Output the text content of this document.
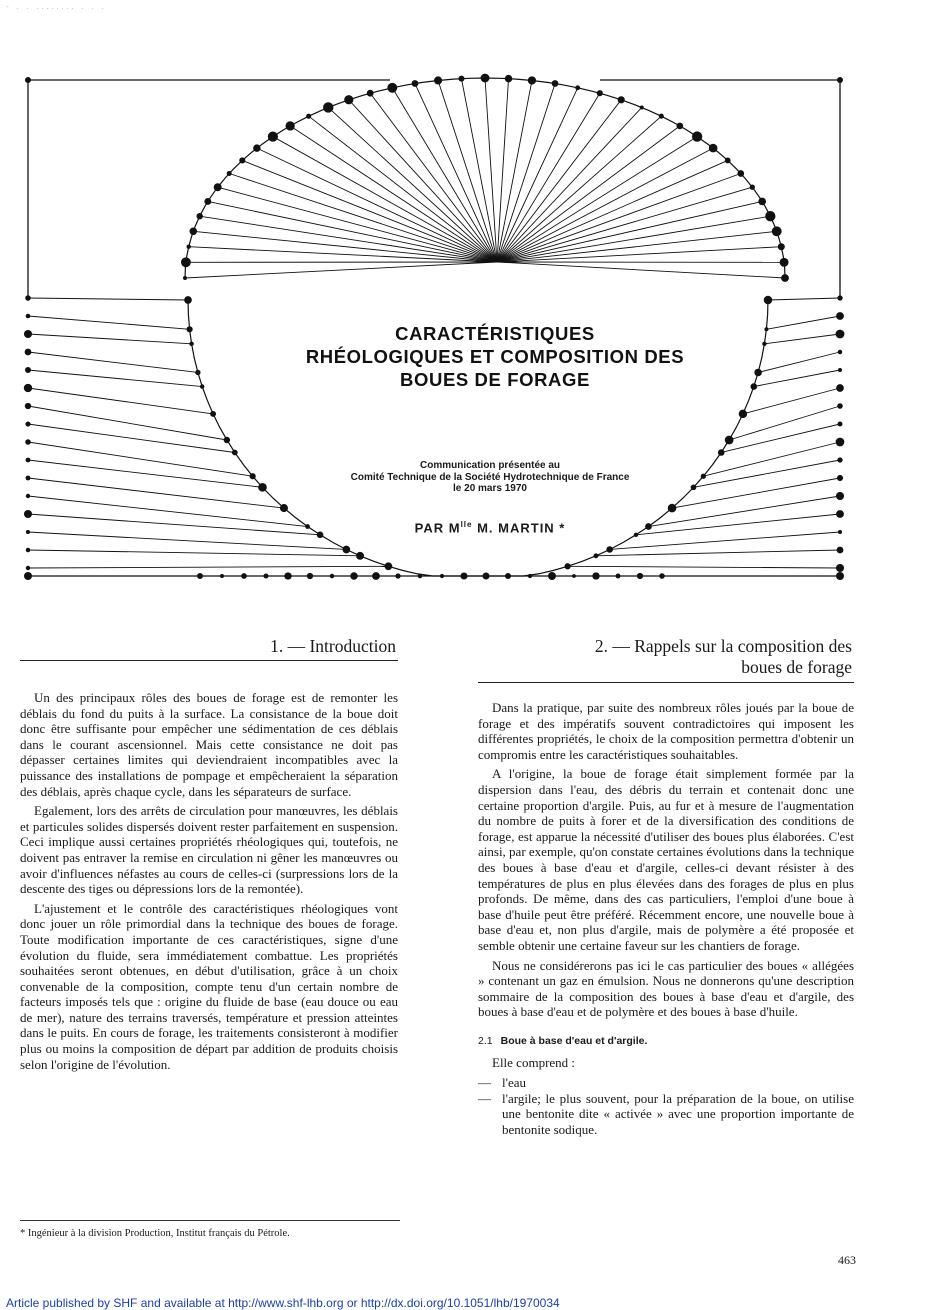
- . . ........ . . .
CARACTÉRISTIQUES
RHÉOLOGIQUES ET COMPOSITION DES
BOUES DE FORAGE
Communication présentée au
Comité Technique de la Société Hydrotechnique de France
le 20 mars 1970
PAR $M^{lle}$ M. MARTIN *
1. — Introduction

Un des principaux rôles des boues de forage est de remonter les déblais du fond du puits à la surface. La consistance de la boue doit donc être suffisante pour empêcher une sédimentation de ces déblais dans le courant ascensionnel. Mais cette consistance ne doit pas dépasser certaines limites qui deviendraient incompatibles avec la puissance des installations de pompage et empêcheraient la séparation des déblais, après chaque cycle, dans les séparateurs de surface.

Egalement, lors des arrêts de circulation pour manœuvres, les déblais et particules solides dispersés doivent rester parfaitement en suspension. Ceci implique aussi certaines propriétés rhéologiques qui, toutefois, ne doivent pas entraver la remise en circulation ni gêner les manœuvres ou avoir d'influences néfastes au cours de celles-ci (surpressions lors de la descente des tiges ou dépressions lors de la remontée).

L'ajustement et le contrôle des caractéristiques rhéologiques vont donc jouer un rôle primordial dans la technique des boues de forage. Toute modification importante de ces caractéristiques, signe d'une évolution du fluide, sera immédiatement combattue. Les propriétés souhaitées seront obtenues, en début d'utilisation, grâce à un choix convenable de la composition, compte tenu d'un certain nombre de facteurs imposés tels que : origine du fluide de base (eau douce ou eau de mer), nature des terrains traversés, température et pression atteintes dans le puits. En cours de forage, les traitements consisteront à modifier plus ou moins la composition de départ par addition de produits choisis selon l'origine de l'évolution.

2. — Rappels sur la composition des
boues de forage

Dans la pratique, par suite des nombreux rôles joués par la boue de forage et des impératifs souvent contradictoires qui imposent les différentes propriétés, le choix de la composition permettra d'obtenir un compromis entre les caractéristiques souhaitables.

A l'origine, la boue de forage était simplement formée par la dispersion dans l'eau, des débris du terrain et contenait donc une certaine proportion d'argile. Puis, au fur et à mesure de l'augmentation du nombre de puits à forer et de la diversification des conditions de forage, est apparue la nécessité d'utiliser des boues plus élaborées. C'est ainsi, par exemple, qu'on constate certaines évolutions dans la technique des boues à base d'eau et d'argile, celles-ci devant résister à des températures de plus en plus élevées dans des forages de plus en plus profonds. De même, dans des cas particuliers, l'emploi d'une boue à base d'huile peut être préféré. Récemment encore, une nouvelle boue à base d'eau et, non plus d'argile, mais de polymère a été proposée et semble obtenir une certaine faveur sur les chantiers de forage.

Nous ne considérerons pas ici le cas particulier des boues « allégées » contenant un gaz en émulsion. Nous ne donnerons qu'une description sommaire de la composition des boues à base d'eau et d'argile, des boues à base d'eau et de polymère et des boues à base d'huile.

2.1 Boue à base d'eau et d'argile.

Elle comprend :

— l'eau
— l'argile; le plus souvent, pour la préparation de la boue, on utilise une bentonite dite « activée » avec une proportion importante de bentonite sodique.
* Ingénieur à la division Production, Institut français du Pétrole.
463
Article published by SHF and available at http://www.shf-lhb.org or http://dx.doi.org/10.1051/lhb/1970034
